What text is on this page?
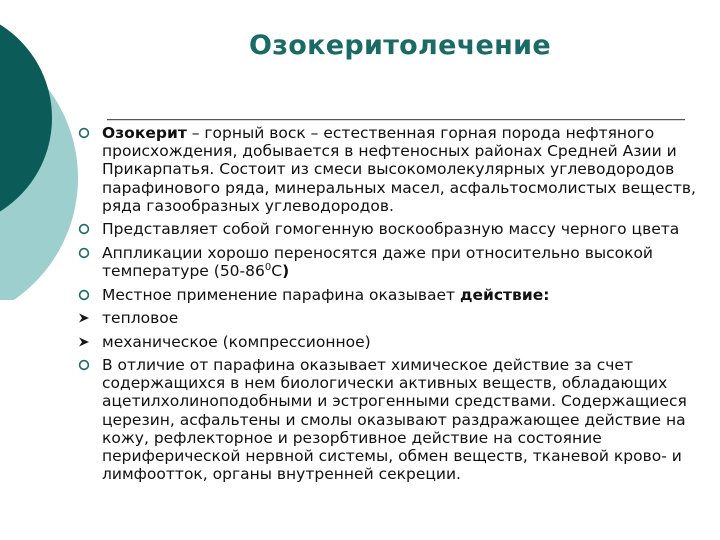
Озокеритолечение
Озокерит – горный воск – естественная горная порода нефтяного происхождения, добывается в нефтеносных районах Средней Азии и Прикарпатья. Состоит из смеси высокомолекулярных углеводородов парафинового ряда, минеральных масел, асфальтосмолистых веществ, ряда газообразных углеводородов.
Представляет собой гомогенную воскообразную массу черного цвета
Аппликации хорошо переносятся даже при относительно высокой температуре $(50-86^0С)$
Местное применение парафина оказывает действие:
тепловое
механическое (компрессионное)
В отличие от парафина оказывает химическое действие за счет содержащихся в нем биологически активных веществ, обладающих ацетилхолиноподобными и эстрогенными средствами. Содержащиеся церезин, асфальтены и смолы оказывают раздражающее действие на кожу, рефлекторное и резорбтивное действие на состояние периферической нервной системы, обмен веществ, тканевой крово- и лимфоотток, органы внутренней секреции.
